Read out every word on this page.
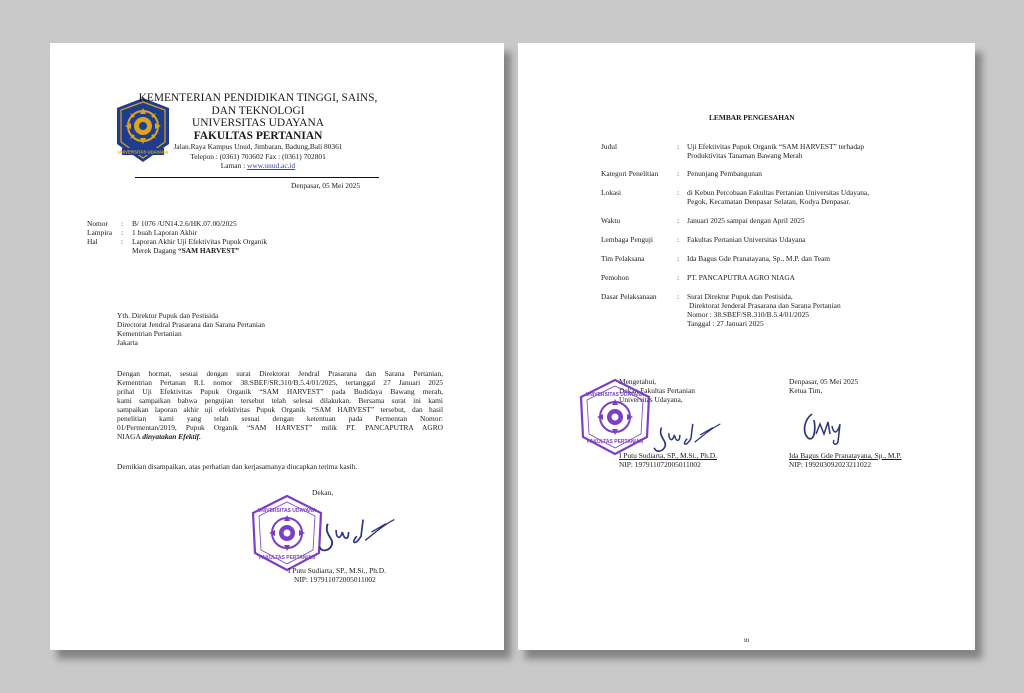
UNIVERSITAS UDAYANA
KEMENTERIAN PENDIDIKAN TINGGI, SAINS,
DAN TEKNOLOGI
UNIVERSITAS UDAYANA
FAKULTAS PERTANIAN
Jalan.Raya Kampus Unud, Jimbaran, Badung,Bali 80361
Telepon : (0361) 703602 Fax : (0361) 702801
Laman : www.unud.ac.id
Denpasar, 05 Mei 2025
Nomor : B/ 1076 /UN14.2.6/HK.07.00/2025
Lampira : 1 buah Laporan Akhir
Hal	: Laporan Akhir Uji Efektivitas Pupuk Organik
Merek Dagang “SAM HARVEST”
Yth. Direktur Pupuk dan Pestisida
Directorat Jendral Prasarana dan Sarana Pertanian
Kementrian Pertanian
Jakarta
Dengan hormat, sesuai dengan surat Direktorat Jendral Prasarana dan Sarana Pertanian,
Kementrian Pertanan R.I. nomor 38.SBEF/SR.310/B.5.4/01/2025, tertanggal 27 Januari 2025
prihal Uji Efektivitas Pupuk Organik “SAM HARVEST” pada Budidaya Bawang merah,
kami sampaikan bahwa pengujian tersebut telah selesai dilakukan. Bersama surat ini kami
sampaikan laporan akhir uji efektivitas Pupuk Organik “SAM HARVEST” tersebut, dan hasil
penelitian kami yang telah sesuai dengan ketentuan pada Permentan Nomor:
01/Permentan/2019, Pupuk Organik “SAM HARVEST” milik PT. PANCAPUTRA AGRO
NIAGA dinyatakan Efektif.
Demikian disampaikan, atas perhatian dan kerjasamanya diucapkan terima kasih.
Dekan,
UNIVERSITAS UDAYANA
FAKULTAS PERTANIAN
I Putu Sudiarta, SP., M.Si., Ph.D.
NIP: 197911072005011002
LEMBAR PENGESAHAN
Judul	: Uji Efektivitas Pupuk Organik “SAM HARVEST” terhadap
Produktivitas Tanaman Bawang Merah
Kategori Penelitian	: Penunjang Pembangunan
Lokasi	: di Kebun Percobaan Fakultas Pertanian Universitas Udayana,
Pegok, Kecamatan Denpasar Selatan, Kodya Denpasar.
Waktu	: Januari 2025 sampai dengan April 2025
Lembaga Penguji	: Fakultas Pertanian Universitas Udayana
Tim Pelaksana	: Ida Bagus Gde Pranatayana, Sp., M.P. dan Team
Pemohon	: PT. PANCAPUTRA AGRO NIAGA
Dasar Pelaksanaan	: Surat Direktur Pupuk dan Pestisida,
Direktorat Jenderal Prasarana dan Sarana Pertanian
Nomor : 38.SBEF/SR.310/B.5.4/01/2025
Tanggal : 27 Januari 2025
Mengetahui,
Dekan Fakultas Pertanian
Universitas Udayana,
UNIVERSITAS UDAYANA
FAKULTAS PERTANIAN
I Putu Sudiarta, SP., M.Si., Ph.D.
NIP: 197911072005011002
Denpasar, 05 Mei 2025
Ketua Tim,
Ida Bagus Gde Pranatayana, Sp., M.P.
NIP: 199203092023211022
iii
